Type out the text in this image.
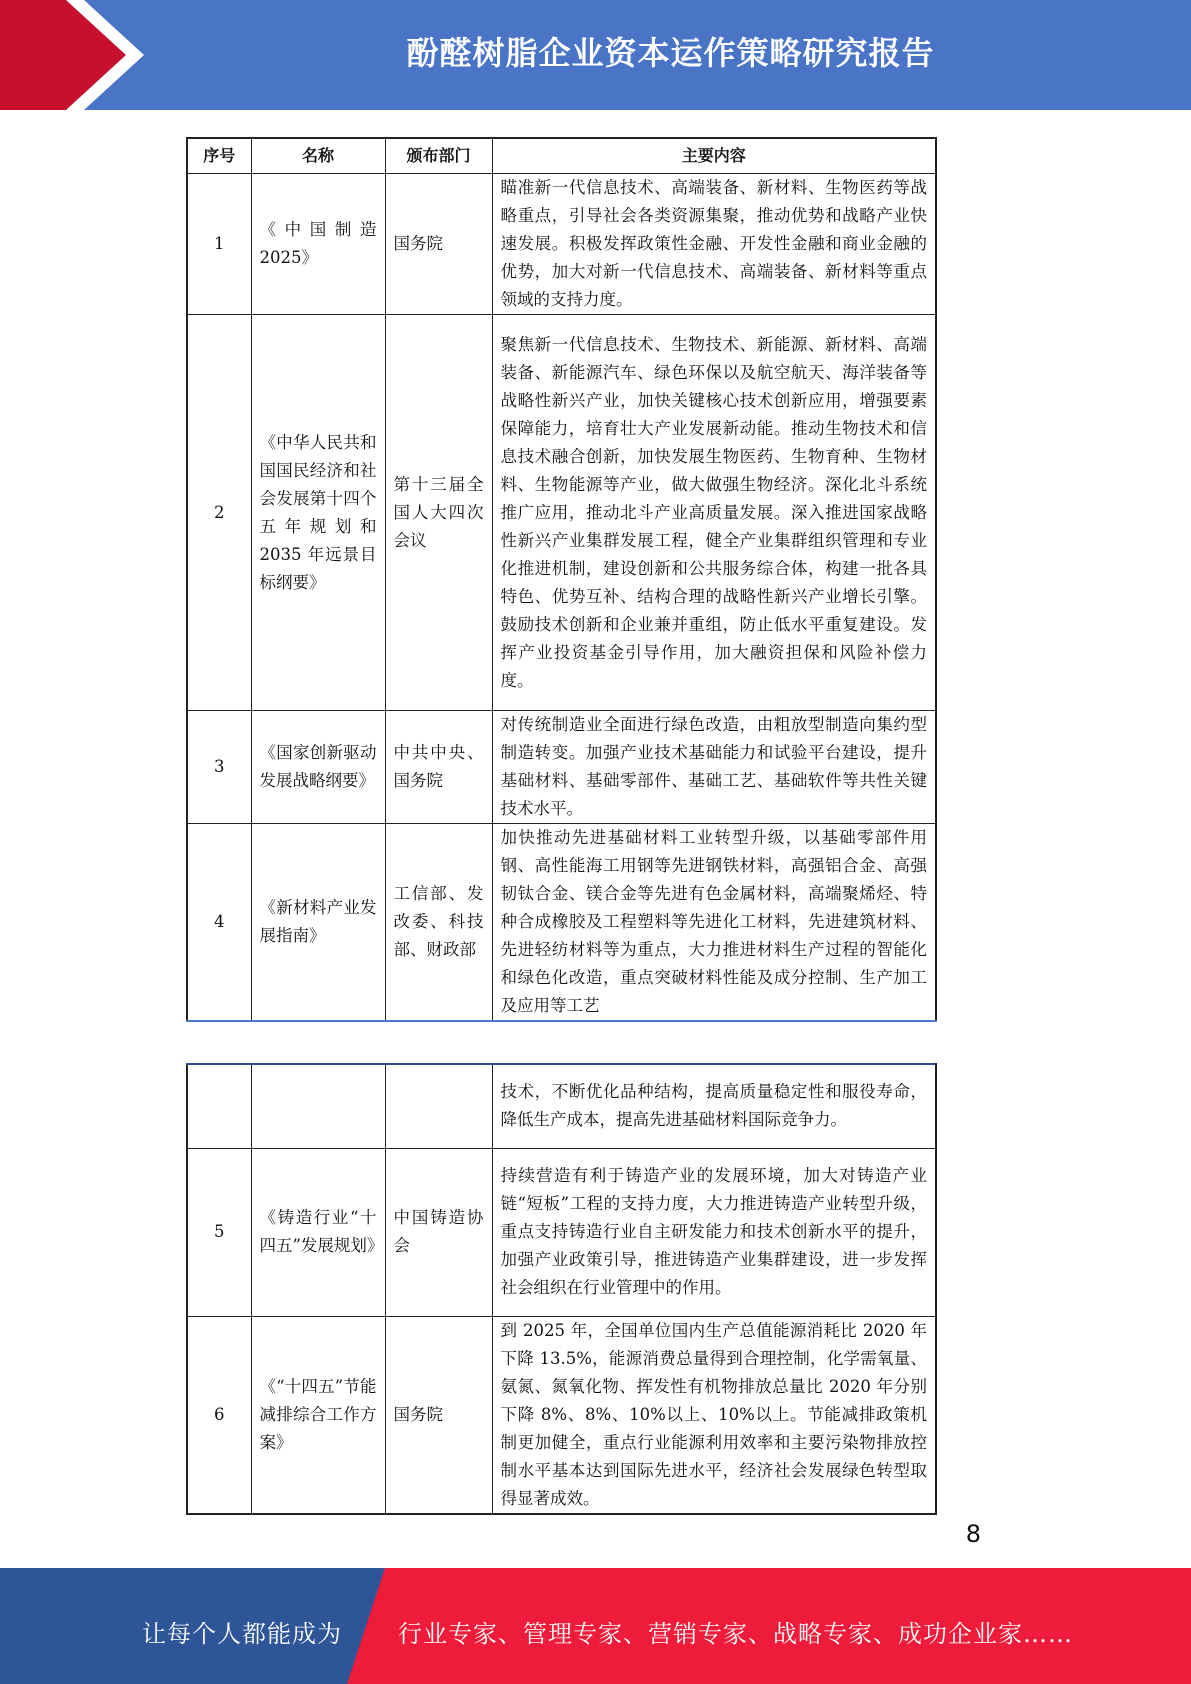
酚醛树脂企业资本运作策略研究报告
序号	名称	颁布部门	主要内容
1	《中国制造2025》	国务院	瞄准新一代信息技术、高端装备、新材料、生物医药等战略重点，引导社会各类资源集聚，推动优势和战略产业快速发展。积极发挥政策性金融、开发性金融和商业金融的优势，加大对新一代信息技术、高端装备、新材料等重点领域的支持力度。
2	《中华人民共和国国民经济和社会发展第十四个五年规划和 2035 年远景目标纲要》	第十三届全国人大四次会议	聚焦新一代信息技术、生物技术、新能源、新材料、高端装备、新能源汽车、绿色环保以及航空航天、海洋装备等战略性新兴产业，加快关键核心技术创新应用，增强要素保障能力，培育壮大产业发展新动能。推动生物技术和信息技术融合创新，加快发展生物医药、生物育种、生物材料、生物能源等产业，做大做强生物经济。深化北斗系统推广应用，推动北斗产业高质量发展。深入推进国家战略性新兴产业集群发展工程，健全产业集群组织管理和专业化推进机制，建设创新和公共服务综合体，构建一批各具特色、优势互补、结构合理的战略性新兴产业增长引擎。鼓励技术创新和企业兼并重组，防止低水平重复建设。发挥产业投资基金引导作用，加大融资担保和风险补偿力度。
3	《国家创新驱动发展战略纲要》	中共中央、国务院	对传统制造业全面进行绿色改造，由粗放型制造向集约型制造转变。加强产业技术基础能力和试验平台建设，提升基础材料、基础零部件、基础工艺、基础软件等共性关键技术水平。
4	《新材料产业发展指南》	工信部、发改委、科技部、财政部	加快推动先进基础材料工业转型升级，以基础零部件用钢、高性能海工用钢等先进钢铁材料，高强铝合金、高强韧钛合金、镁合金等先进有色金属材料，高端聚烯烃、特种合成橡胶及工程塑料等先进化工材料，先进建筑材料、先进轻纺材料等为重点，大力推进材料生产过程的智能化和绿色化改造，重点突破材料性能及成分控制、生产加工及应用等工艺
			技术，不断优化品种结构，提高质量稳定性和服役寿命，降低生产成本，提高先进基础材料国际竞争力。
5	《铸造行业“十四五”发展规划》	中国铸造协会	持续营造有利于铸造产业的发展环境，加大对铸造产业链“短板”工程的支持力度，大力推进铸造产业转型升级，重点支持铸造行业自主研发能力和技术创新水平的提升，加强产业政策引导，推进铸造产业集群建设，进一步发挥社会组织在行业管理中的作用。
6	《“十四五”节能减排综合工作方案》	国务院	到 2025 年，全国单位国内生产总值能源消耗比 2020 年下降 13.5%，能源消费总量得到合理控制，化学需氧量、氨氮、氮氧化物、挥发性有机物排放总量比 2020 年分别下降 8%、8%、10%以上、10%以上。节能减排政策机制更加健全，重点行业能源利用效率和主要污染物排放控制水平基本达到国际先进水平，经济社会发展绿色转型取得显著成效。
8
让每个人都能成为 行业专家、管理专家、营销专家、战略专家、成功企业家……
